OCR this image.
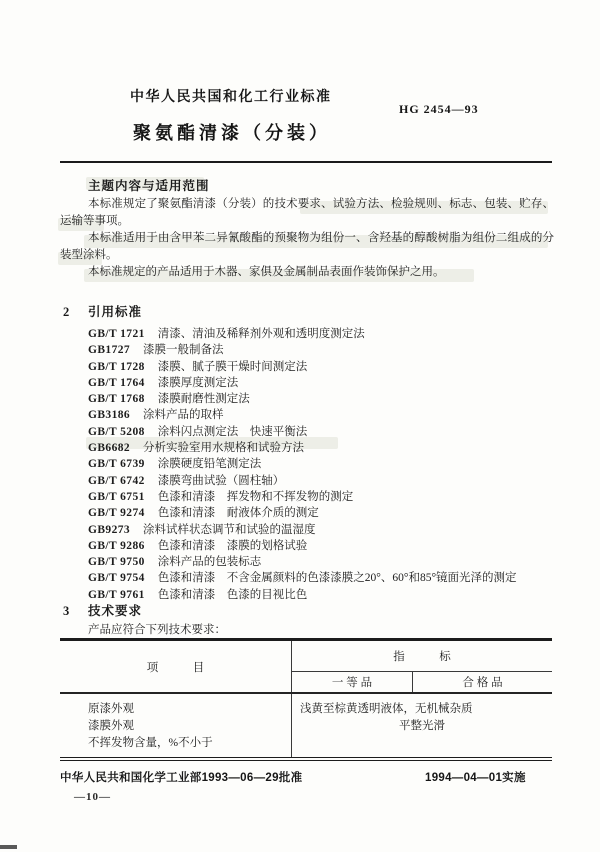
中华人民共国和化工行业标准
HG 2454—93
聚氨酯清漆（分装）
主题内容与适用范围

本标准规定了聚氨酯清漆（分装）的技术要求、试验方法、检验规则、标志、包装、贮存、运输等事项。

本标准适用于由含甲苯二异氰酸酯的预聚物为组份一、含羟基的醇酸树脂为组份二组成的分装型涂料。

本标准规定的产品适用于木器、家俱及金属制品表面作装饰保护之用。

2 引用标准
GB/T 1721 清漆、清油及稀释剂外观和透明度测定法
GB1727 漆膜一般制备法
GB/T 1728 漆膜、腻子膜干燥时间测定法
GB/T 1764 漆膜厚度测定法
GB/T 1768 漆膜耐磨性测定法
GB3186 涂料产品的取样
GB/T 5208 涂料闪点测定法　快速平衡法
GB6682 分析实验室用水规格和试验方法
GB/T 6739 涂膜硬度铅笔测定法
GB/T 6742 漆膜弯曲试验（圆柱轴）
GB/T 6751 色漆和清漆　挥发物和不挥发物的测定
GB/T 9274 色漆和清漆　耐液体介质的测定
GB9273 涂料试样状态调节和试验的温湿度
GB/T 9286 色漆和清漆　漆膜的划格试验
GB/T 9750 涂料产品的包装标志
GB/T 9754 色漆和清漆　不含金属颜料的色漆漆膜之20°、60°和85°镜面光泽的测定
GB/T 9761 色漆和清漆　色漆的目视比色
3 技术要求
产品应符合下列技术要求：
项　　　目
指　　　标
一 等 品	合 格 品
原漆外观
漆膜外观
不挥发物含量，%不小于
浅黄至棕黄透明液体，无机械杂质
平整光滑
中华人民共和国化学工业部1993—06—29批准	1994—04—01实施
—10—
